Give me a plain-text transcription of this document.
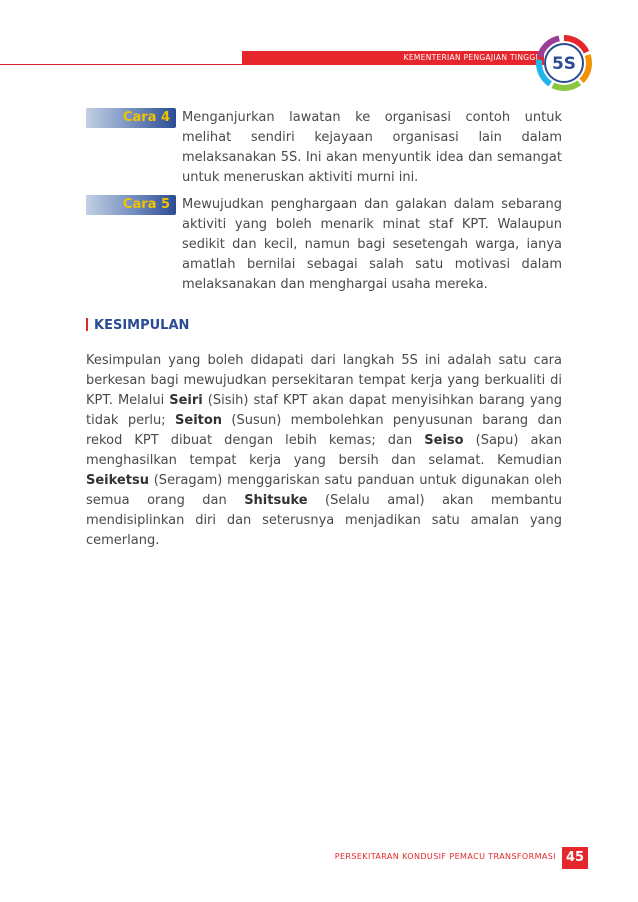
KEMENTERIAN PENGAJIAN TINGGI 5S
Cara 4 Menganjurkan lawatan ke organisasi contoh untuk melihat sendiri kejayaan organisasi lain dalam melaksanakan 5S. Ini akan menyuntik idea dan semangat untuk meneruskan aktiviti murni ini.
Cara 5 Mewujudkan penghargaan dan galakan dalam sebarang aktiviti yang boleh menarik minat staf KPT. Walaupun sedikit dan kecil, namun bagi sesetengah warga, ianya amatlah bernilai sebagai salah satu motivasi dalam melaksanakan dan menghargai usaha mereka.
KESIMPULAN
Kesimpulan yang boleh didapati dari langkah 5S ini adalah satu cara berkesan bagi mewujudkan persekitaran tempat kerja yang berkualiti di KPT. Melalui Seiri (Sisih) staf KPT akan dapat menyisihkan barang yang tidak perlu; Seiton (Susun) membolehkan penyusunan barang dan rekod KPT dibuat dengan lebih kemas; dan Seiso (Sapu) akan menghasilkan tempat kerja yang bersih dan selamat. Kemudian Seiketsu (Seragam) menggariskan satu panduan untuk digunakan oleh semua orang dan Shitsuke (Selalu amal) akan membantu mendisiplinkan diri dan seterusnya menjadikan satu amalan yang cemerlang.
PERSEKITARAN KONDUSIF PEMACU TRANSFORMASI 45
